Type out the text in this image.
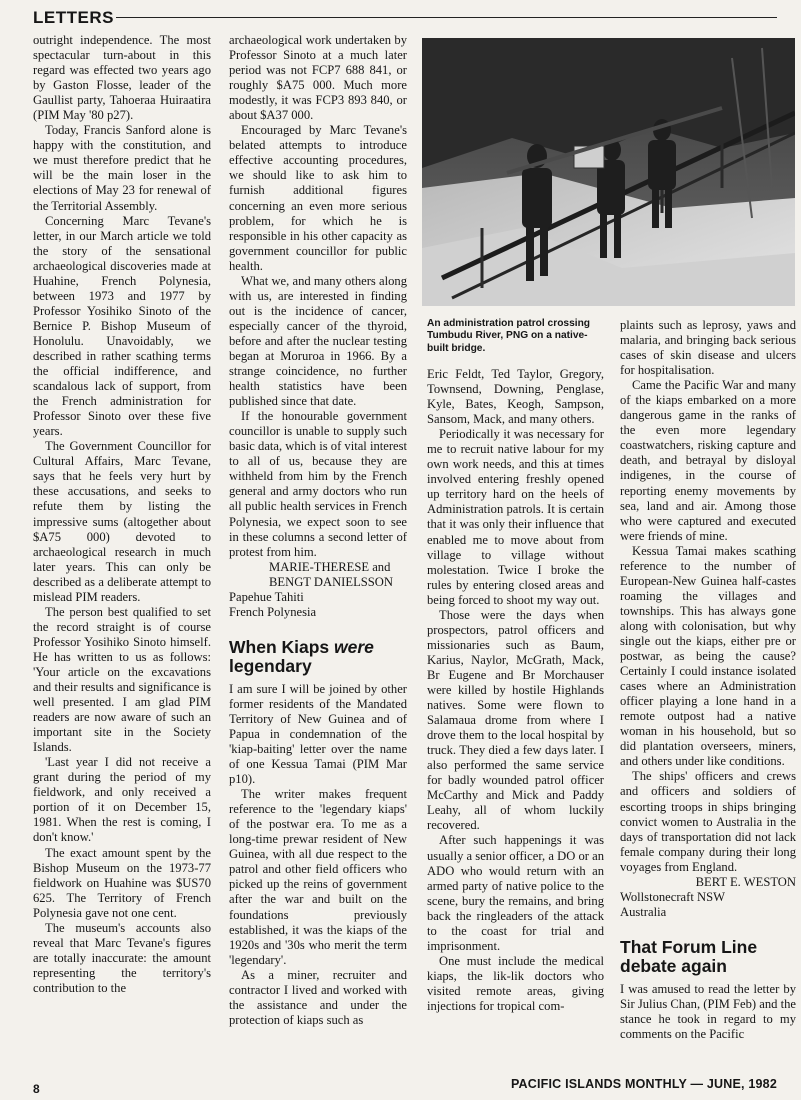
LETTERS

outright independence. The most spectacular turn-about in this regard was effected two years ago by Gaston Flosse, leader of the Gaullist party, Tahoeraa Huiraatira (PIM May '80 p27).

Today, Francis Sanford alone is happy with the constitution, and we must therefore predict that he will be the main loser in the elections of May 23 for renewal of the Territorial Assembly.

Concerning Marc Tevane's letter, in our March article we told the story of the sensational archaeological discoveries made at Huahine, French Polynesia, between 1973 and 1977 by Professor Yosihiko Sinoto of the Bernice P. Bishop Museum of Honolulu. Unavoidably, we described in rather scathing terms the official indifference, and scandalous lack of support, from the French administration for Professor Sinoto over these five years.

The Government Councillor for Cultural Affairs, Marc Tevane, says that he feels very hurt by these accusations, and seeks to refute them by listing the impressive sums (altogether about $A75 000) devoted to archaeological research in much later years. This can only be described as a deliberate attempt to mislead PIM readers.

The person best qualified to set the record straight is of course Professor Yosihiko Sinoto himself. He has written to us as follows: 'Your article on the excavations and their results and significance is well presented. I am glad PIM readers are now aware of such an important site in the Society Islands.

'Last year I did not receive a grant during the period of my fieldwork, and only received a portion of it on December 15, 1981. When the rest is coming, I don't know.'

The exact amount spent by the Bishop Museum on the 1973-77 fieldwork on Huahine was $US70 625. The Territory of French Polynesia gave not one cent.

The museum's accounts also reveal that Marc Tevane's figures are totally inaccurate: the amount representing the territory's contribution to the

archaeological work undertaken by Professor Sinoto at a much later period was not FCP7 688 841, or roughly $A75 000. Much more modestly, it was FCP3 893 840, or about $A37 000.

Encouraged by Marc Tevane's belated attempts to introduce effective accounting procedures, we should like to ask him to furnish additional figures concerning an even more serious problem, for which he is responsible in his other capacity as government councillor for public health.

What we, and many others along with us, are interested in finding out is the incidence of cancer, especially cancer of the thyroid, before and after the nuclear testing began at Moruroa in 1966. By a strange coincidence, no further health statistics have been published since that date.

If the honourable government councillor is unable to supply such basic data, which is of vital interest to all of us, because they are withheld from him by the French general and army doctors who run all public health services in French Polynesia, we expect soon to see in these columns a second letter of protest from him.

MARIE-THERESE and

BENGT DANIELSSON

Papehue Tahiti

French Polynesia

When Kiaps were legendary

I am sure I will be joined by other former residents of the Mandated Territory of New Guinea and of Papua in condemnation of the 'kiap-baiting' letter over the name of one Kessua Tamai (PIM Mar p10).

The writer makes frequent reference to the 'legendary kiaps' of the postwar era. To me as a long-time prewar resident of New Guinea, with all due respect to the patrol and other field officers who picked up the reins of government after the war and built on the foundations previously established, it was the kiaps of the 1920s and '30s who merit the term 'legendary'.

As a miner, recruiter and contractor I lived and worked with the assistance and under the protection of kiaps such as

An administration patrol crossing Tumbudu River, PNG on a native-built bridge.

Eric Feldt, Ted Taylor, Gregory, Townsend, Downing, Penglase, Kyle, Bates, Keogh, Sampson, Sansom, Mack, and many others.

Periodically it was necessary for me to recruit native labour for my own work needs, and this at times involved entering freshly opened up territory hard on the heels of Administration patrols. It is certain that it was only their influence that enabled me to move about from village to village without molestation. Twice I broke the rules by entering closed areas and being forced to shoot my way out.

Those were the days when prospectors, patrol officers and missionaries such as Baum, Karius, Naylor, McGrath, Mack, Br Eugene and Br Morchauser were killed by hostile Highlands natives. Some were flown to Salamaua drome from where I drove them to the local hospital by truck. They died a few days later. I also performed the same service for badly wounded patrol officer McCarthy and Mick and Paddy Leahy, all of whom luckily recovered.

After such happenings it was usually a senior officer, a DO or an ADO who would return with an armed party of native police to the scene, bury the remains, and bring back the ringleaders of the attack to the coast for trial and imprisonment.

One must include the medical kiaps, the lik-lik doctors who visited remote areas, giving injections for tropical com-

plaints such as leprosy, yaws and malaria, and bringing back serious cases of skin disease and ulcers for hospitalisation.

Came the Pacific War and many of the kiaps embarked on a more dangerous game in the ranks of the even more legendary coastwatchers, risking capture and death, and betrayal by disloyal indigenes, in the course of reporting enemy movements by sea, land and air. Among those who were captured and executed were friends of mine.

Kessua Tamai makes scathing reference to the number of European-New Guinea half-castes roaming the villages and townships. This has always gone along with colonisation, but why single out the kiaps, either pre or postwar, as being the cause? Certainly I could instance isolated cases where an Administration officer playing a lone hand in a remote outpost had a native woman in his household, but so did plantation overseers, miners, and others under like conditions.

The ships' officers and crews and officers and soldiers of escorting troops in ships bringing convict women to Australia in the days of transportation did not lack female company during their long voyages from England.

BERT E. WESTON

Wollstonecraft NSW

Australia

That Forum Line debate again

I was amused to read the letter by Sir Julius Chan, (PIM Feb) and the stance he took in regard to my comments on the Pacific

8	PACIFIC ISLANDS MONTHLY — JUNE, 1982
